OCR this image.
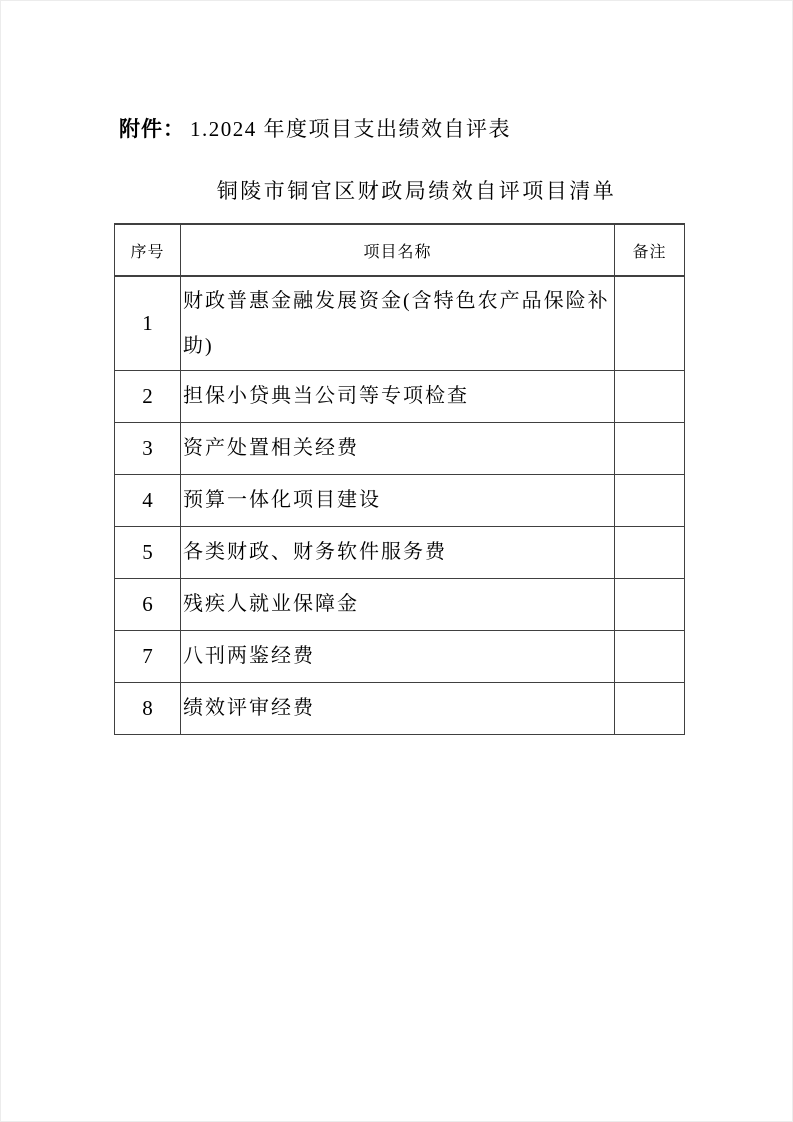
附件： 1.2024 年度项目支出绩效自评表
铜陵市铜官区财政局绩效自评项目清单
序号	项目名称	备注
1	财政普惠金融发展资金(含特色农产品保险补助)	
2	担保小贷典当公司等专项检查	
3	资产处置相关经费	
4	预算一体化项目建设	
5	各类财政、财务软件服务费	
6	残疾人就业保障金	
7	八刊两鉴经费	
8	绩效评审经费	
